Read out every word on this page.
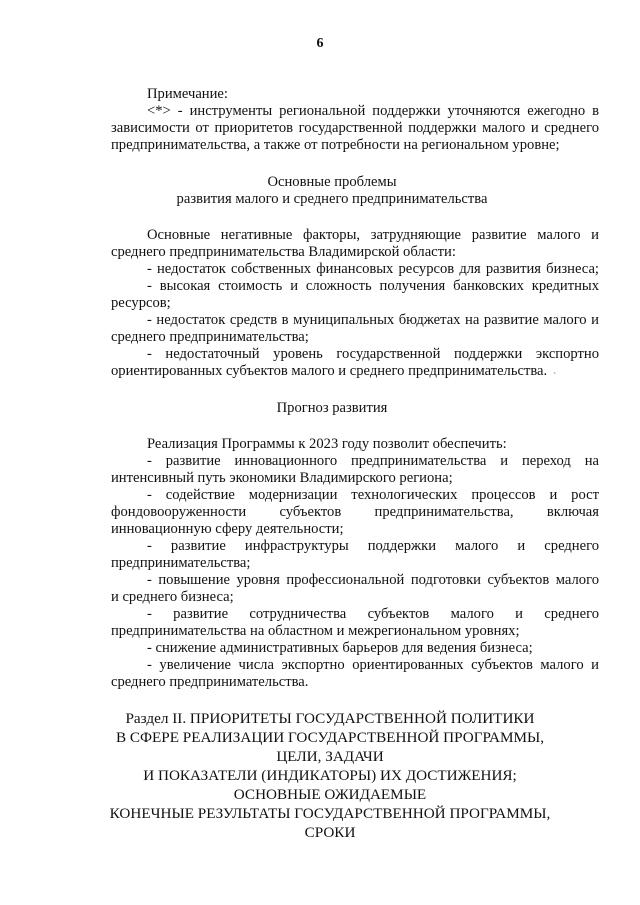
6
Примечание:
<*> - инструменты региональной поддержки уточняются ежегодно в
зависимости от приоритетов государственной поддержки малого и среднего
предпринимательства, а также от потребности на региональном уровне;
Основные проблемы
развития малого и среднего предпринимательства
Основные негативные факторы, затрудняющие развитие малого и
среднего предпринимательства Владимирской области:
- недостаток собственных финансовых ресурсов для развития бизнеса;
- высокая стоимость и сложность получения банковских кредитных
ресурсов;
- недостаток средств в муниципальных бюджетах на развитие малого и
среднего предпринимательства;
- недостаточный уровень государственной поддержки экспортно
ориентированных субъектов малого и среднего предпринимательства. `
Прогноз развития
Реализация Программы к 2023 году позволит обеспечить:
- развитие инновационного предпринимательства и переход на
интенсивный путь экономики Владимирского региона;
- содействие модернизации технологических процессов и рост
фондовооруженности субъектов предпринимательства, включая
инновационную сферу деятельности;
- развитие инфраструктуры поддержки малого и среднего
предпринимательства;
- повышение уровня профессиональной подготовки субъектов малого
и среднего бизнеса;
- развитие сотрудничества субъектов малого и среднего
предпринимательства на областном и межрегиональном уровнях;
- снижение административных барьеров для ведения бизнеса;
- увеличение числа экспортно ориентированных субъектов малого и
среднего предпринимательства.
Раздел II. ПРИОРИТЕТЫ ГОСУДАРСТВЕННОЙ ПОЛИТИКИ
В СФЕРЕ РЕАЛИЗАЦИИ ГОСУДАРСТВЕННОЙ ПРОГРАММЫ,
ЦЕЛИ, ЗАДАЧИ
И ПОКАЗАТЕЛИ (ИНДИКАТОРЫ) ИХ ДОСТИЖЕНИЯ;
ОСНОВНЫЕ ОЖИДАЕМЫЕ
КОНЕЧНЫЕ РЕЗУЛЬТАТЫ ГОСУДАРСТВЕННОЙ ПРОГРАММЫ,
СРОКИ
